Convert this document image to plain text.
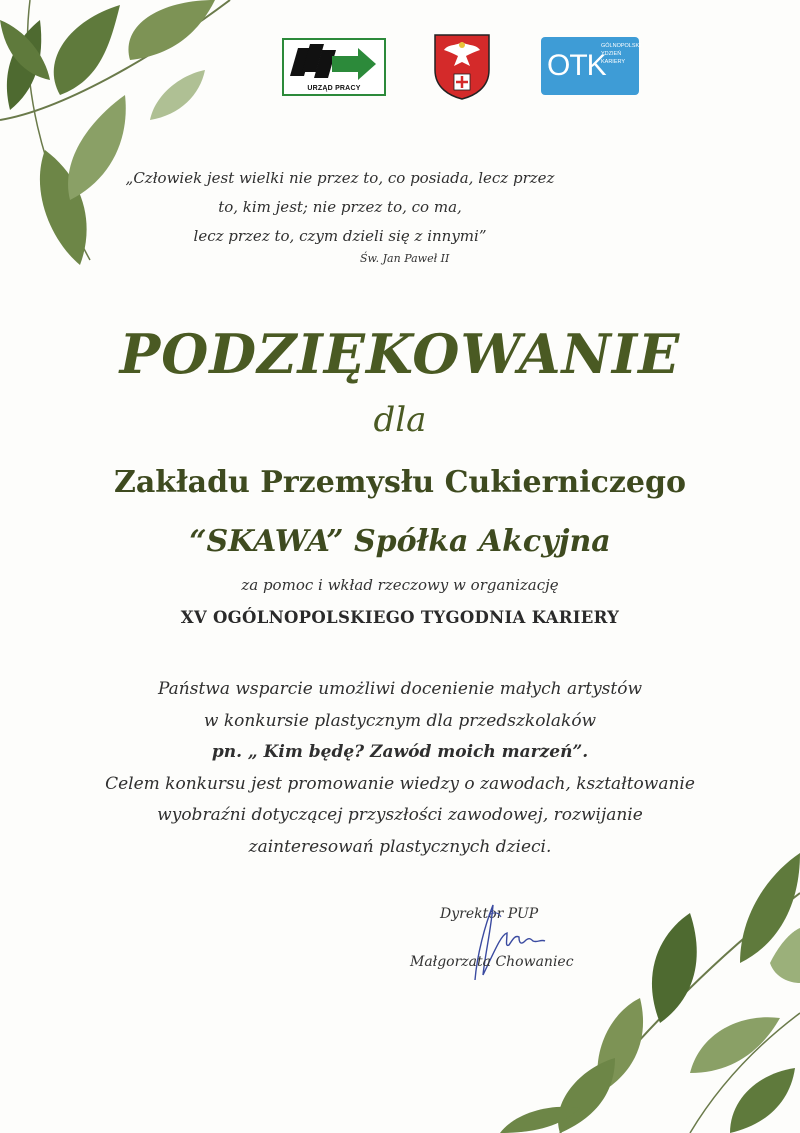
URZĄD PRACY
OTK
GÓLNOPOLSKI
YDZIEŃ
KARIERY
„Człowiek jest wielki nie przez to, co posiada, lecz przez
to, kim jest; nie przez to, co ma,
lecz przez to, czym dzieli się z innymi”
Św. Jan Paweł II
PODZIĘKOWANIE
dla
Zakładu Przemysłu Cukierniczego
“SKAWA” Spółka Akcyjna
za pomoc i wkład rzeczowy w organizację
XV OGÓLNOPOLSKIEGO TYGODNIA KARIERY
Państwa wsparcie umożliwi docenienie małych artystów
w konkursie plastycznym dla przedszkolaków
pn. „ Kim będę? Zawód moich marzeń”.
Celem konkursu jest promowanie wiedzy o zawodach, kształtowanie
wyobraźni dotyczącej przyszłości zawodowej, rozwijanie
zainteresowań plastycznych dzieci.
Dyrektor PUP
Małgorzata Chowaniec
